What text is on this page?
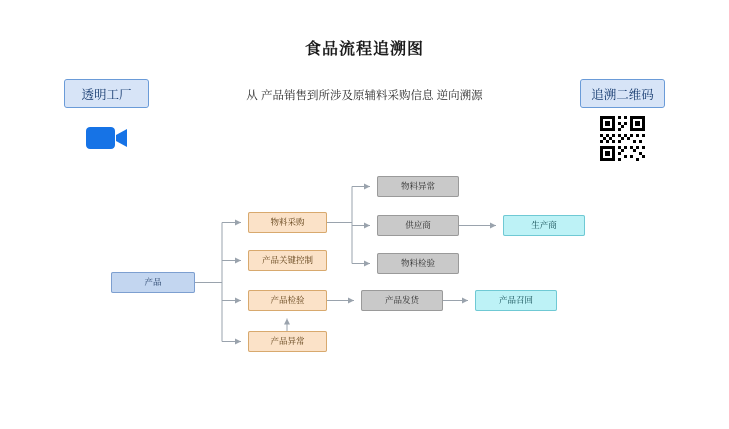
食品流程追溯图
从 产品销售到所涉及原辅料采购信息 逆向溯源
透明工厂	追溯二维码
产品
物料采购
产品关键控制
产品检验
产品异常
物料异常
供应商
物料检验
产品发货
生产商
产品召回
